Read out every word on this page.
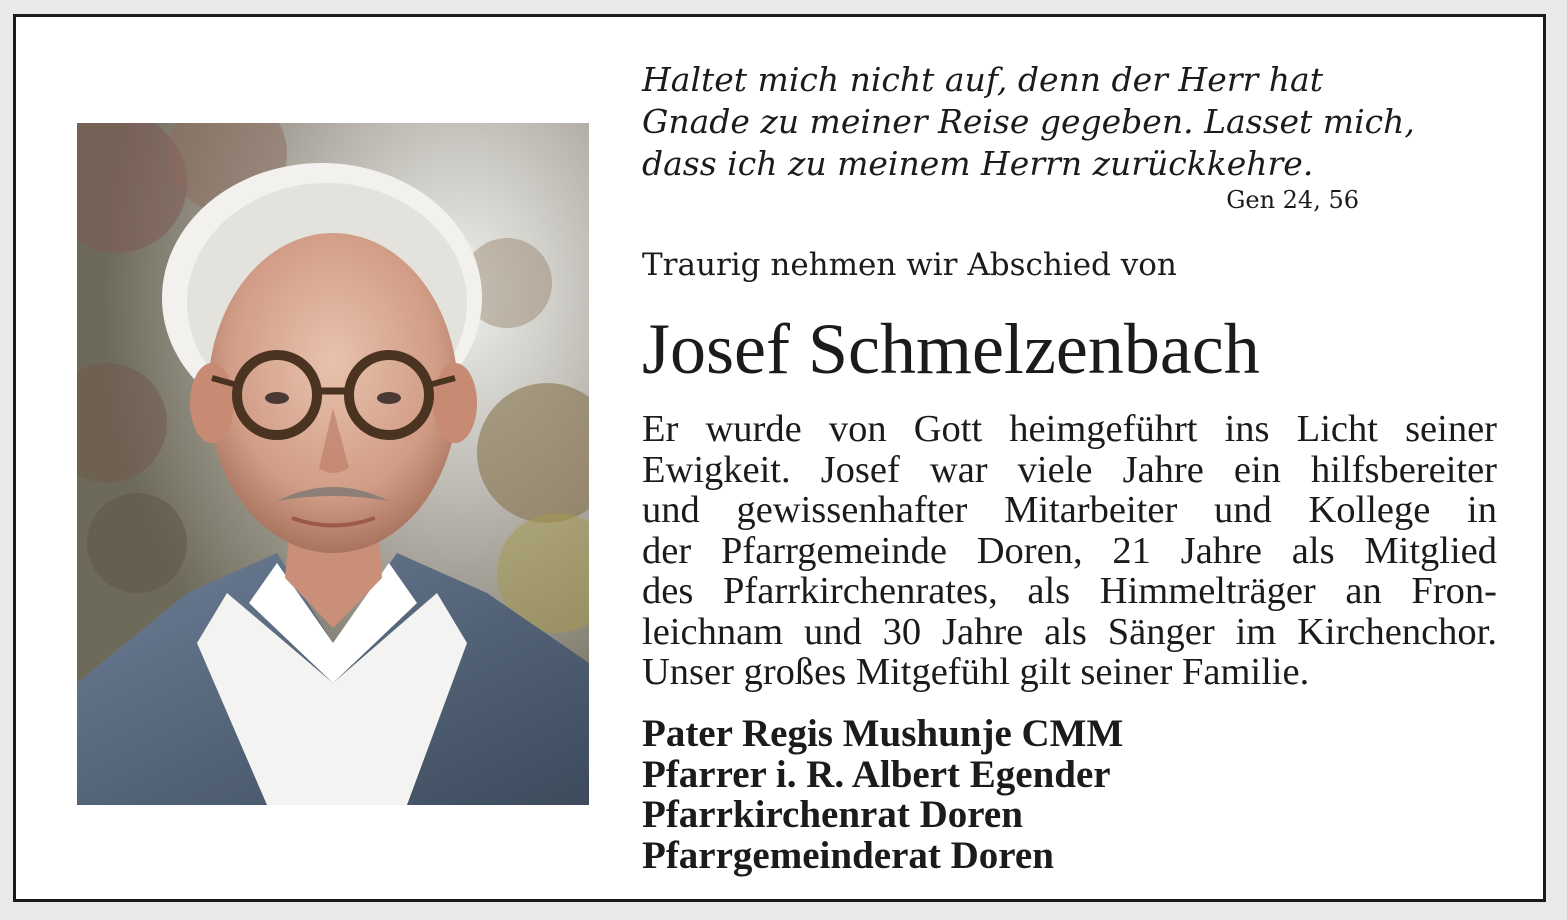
Haltet mich nicht auf, denn der Herr hat
Gnade zu meiner Reise gegeben. Lasset mich,
dass ich zu meinem Herrn zurückkehre.
Gen 24, 56
Traurig nehmen wir Abschied von
Josef Schmelzenbach
Er wurde von Gott heimgeführt ins Licht seiner
Ewigkeit. Josef war viele Jahre ein hilfsbereiter
und gewissenhafter Mitarbeiter und Kollege in
der Pfarrgemeinde Doren, 21 Jahre als Mitglied
des Pfarrkirchenrates, als Himmelträger an Fron-
leichnam und 30 Jahre als Sänger im Kirchenchor.
Unser großes Mitgefühl gilt seiner Familie.
Pater Regis Mushunje CMM
Pfarrer i. R. Albert Egender
Pfarrkirchenrat Doren
Pfarrgemeinderat Doren
